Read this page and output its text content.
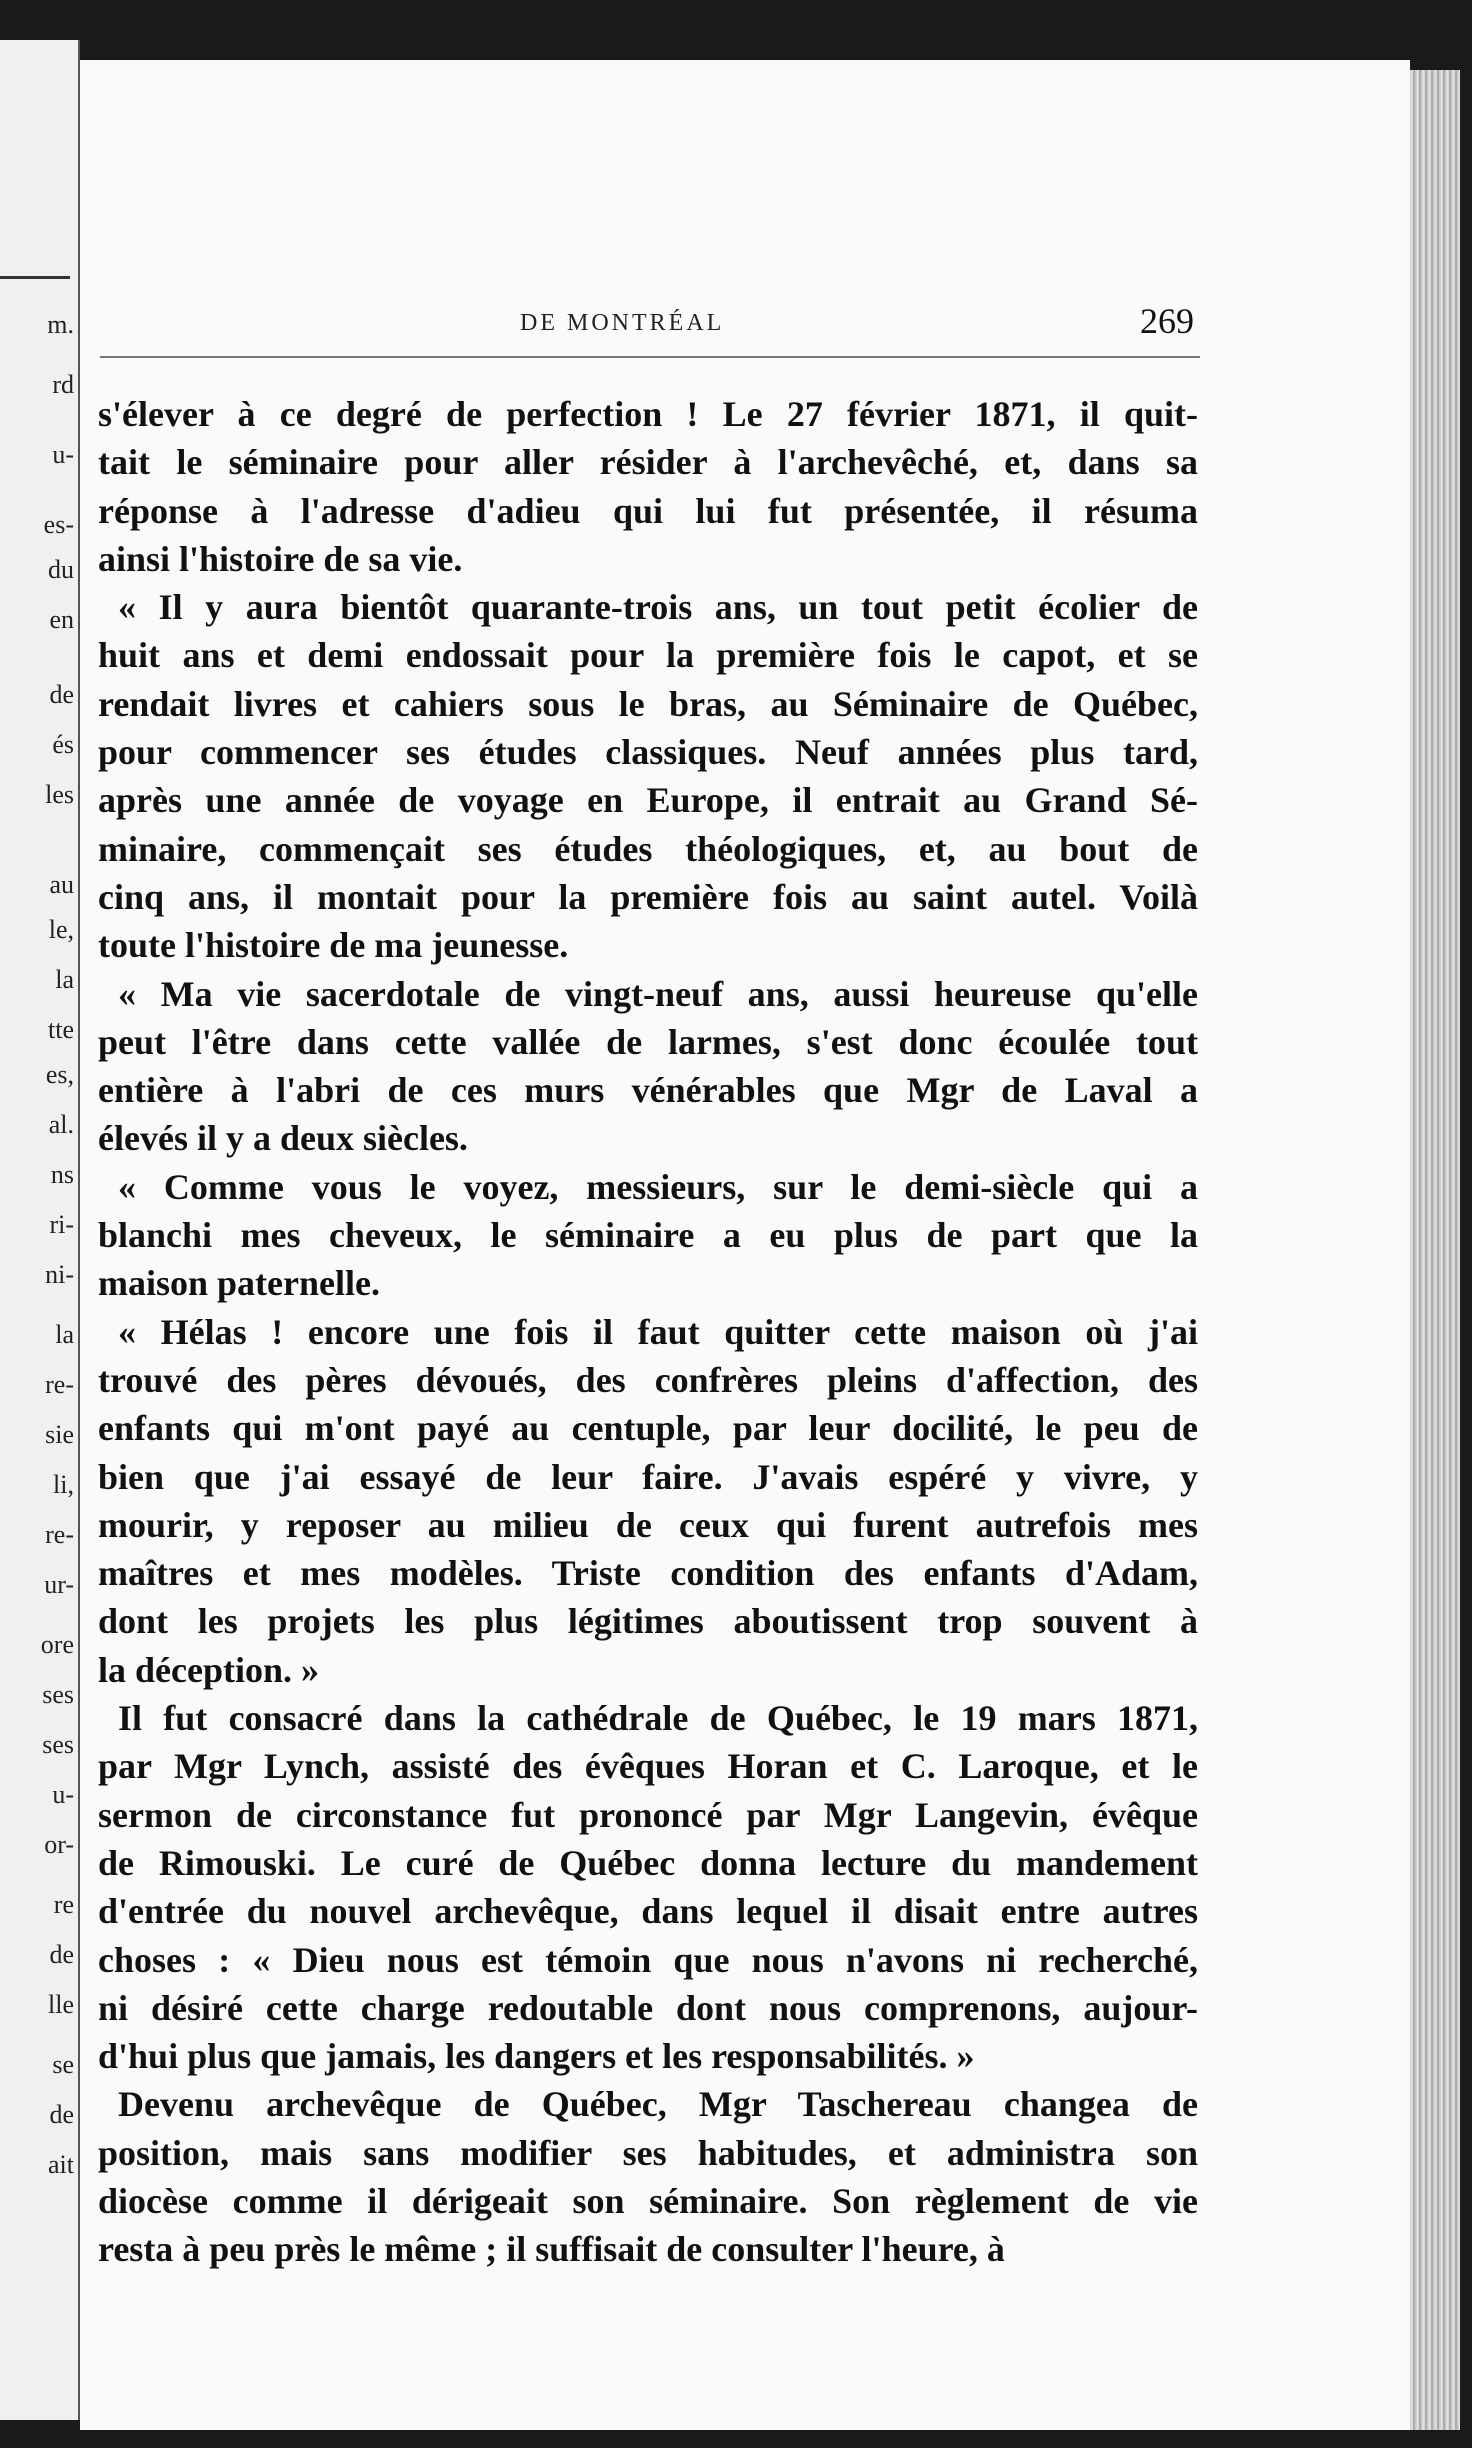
m.
rd
u-
es-
du
en
de
és
les
au
le,
la
tte
es,
al.
ns
ri-
ni-
la
re-
sie
li,
re-
ur-
ore
ses
ses
u-
or-
re
de
lle
se
de
ait
DE MONTRÉAL	269
s'élever à ce degré de perfection ! Le 27 février 1871, il quit-
tait le séminaire pour aller résider à l'archevêché, et, dans sa
réponse à l'adresse d'adieu qui lui fut présentée, il résuma
ainsi l'histoire de sa vie.
« Il y aura bientôt quarante-trois ans, un tout petit écolier de
huit ans et demi endossait pour la première fois le capot, et se
rendait livres et cahiers sous le bras, au Séminaire de Québec,
pour commencer ses études classiques. Neuf années plus tard,
après une année de voyage en Europe, il entrait au Grand Sé-
minaire, commençait ses études théologiques, et, au bout de
cinq ans, il montait pour la première fois au saint autel. Voilà
toute l'histoire de ma jeunesse.
« Ma vie sacerdotale de vingt-neuf ans, aussi heureuse qu'elle
peut l'être dans cette vallée de larmes, s'est donc écoulée tout
entière à l'abri de ces murs vénérables que Mgr de Laval a
élevés il y a deux siècles.
« Comme vous le voyez, messieurs, sur le demi-siècle qui a
blanchi mes cheveux, le séminaire a eu plus de part que la
maison paternelle.
« Hélas ! encore une fois il faut quitter cette maison où j'ai
trouvé des pères dévoués, des confrères pleins d'affection, des
enfants qui m'ont payé au centuple, par leur docilité, le peu de
bien que j'ai essayé de leur faire. J'avais espéré y vivre, y
mourir, y reposer au milieu de ceux qui furent autrefois mes
maîtres et mes modèles. Triste condition des enfants d'Adam,
dont les projets les plus légitimes aboutissent trop souvent à
la déception. »
Il fut consacré dans la cathédrale de Québec, le 19 mars 1871,
par Mgr Lynch, assisté des évêques Horan et C. Laroque, et le
sermon de circonstance fut prononcé par Mgr Langevin, évêque
de Rimouski. Le curé de Québec donna lecture du mandement
d'entrée du nouvel archevêque, dans lequel il disait entre autres
choses : « Dieu nous est témoin que nous n'avons ni recherché,
ni désiré cette charge redoutable dont nous comprenons, aujour-
d'hui plus que jamais, les dangers et les responsabilités. »
Devenu archevêque de Québec, Mgr Taschereau changea de
position, mais sans modifier ses habitudes, et administra son
diocèse comme il dérigeait son séminaire. Son règlement de vie
resta à peu près le même ; il suffisait de consulter l'heure, à
